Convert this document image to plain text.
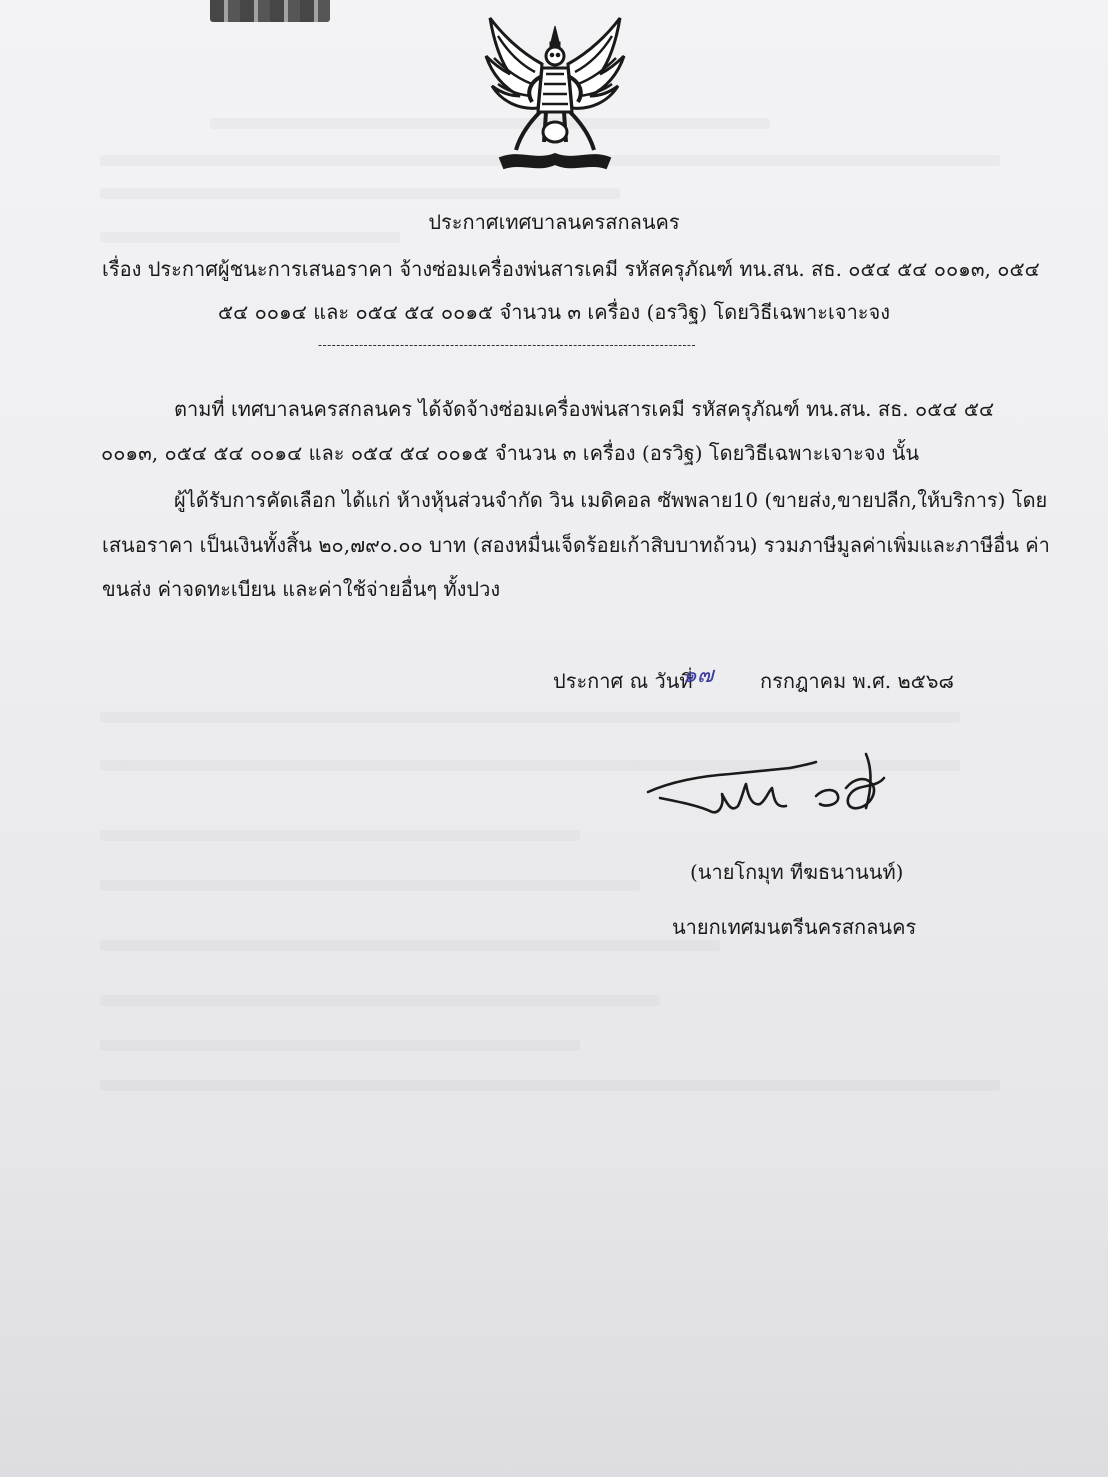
ประกาศเทศบาลนครสกลนคร
เรื่อง ประกาศผู้ชนะการเสนอราคา จ้างซ่อมเครื่องพ่นสารเคมี รหัสครุภัณฑ์ ทน.สน. สธ. ๐๕๔ ๕๔ ๐๐๑๓, ๐๕๔
๕๔ ๐๐๑๔ และ ๐๕๔ ๕๔ ๐๐๑๕ จำนวน ๓ เครื่อง (อรวิฐ) โดยวิธีเฉพาะเจาะจง
-----------------------------------------------------------------------------------
ตามที่ เทศบาลนครสกลนคร ได้จัดจ้างซ่อมเครื่องพ่นสารเคมี รหัสครุภัณฑ์ ทน.สน. สธ. ๐๕๔ ๕๔
๐๐๑๓, ๐๕๔ ๕๔ ๐๐๑๔ และ ๐๕๔ ๕๔ ๐๐๑๕ จำนวน ๓ เครื่อง (อรวิฐ) โดยวิธีเฉพาะเจาะจง นั้น
ผู้ได้รับการคัดเลือก ได้แก่ ห้างหุ้นส่วนจำกัด วิน เมดิคอล ซัพพลาย10 (ขายส่ง,ขายปลีก,ให้บริการ) โดย
เสนอราคา เป็นเงินทั้งสิ้น ๒๐,๗๙๐.๐๐ บาท (สองหมื่นเจ็ดร้อยเก้าสิบบาทถ้วน) รวมภาษีมูลค่าเพิ่มและภาษีอื่น ค่า
ขนส่ง ค่าจดทะเบียน และค่าใช้จ่ายอื่นๆ ทั้งปวง
ประกาศ ณ วันที่
๑๗ กรกฎาคม พ.ศ. ๒๕๖๘
(นายโกมุท ทีฆธนานนท์)
นายกเทศมนตรีนครสกลนคร
